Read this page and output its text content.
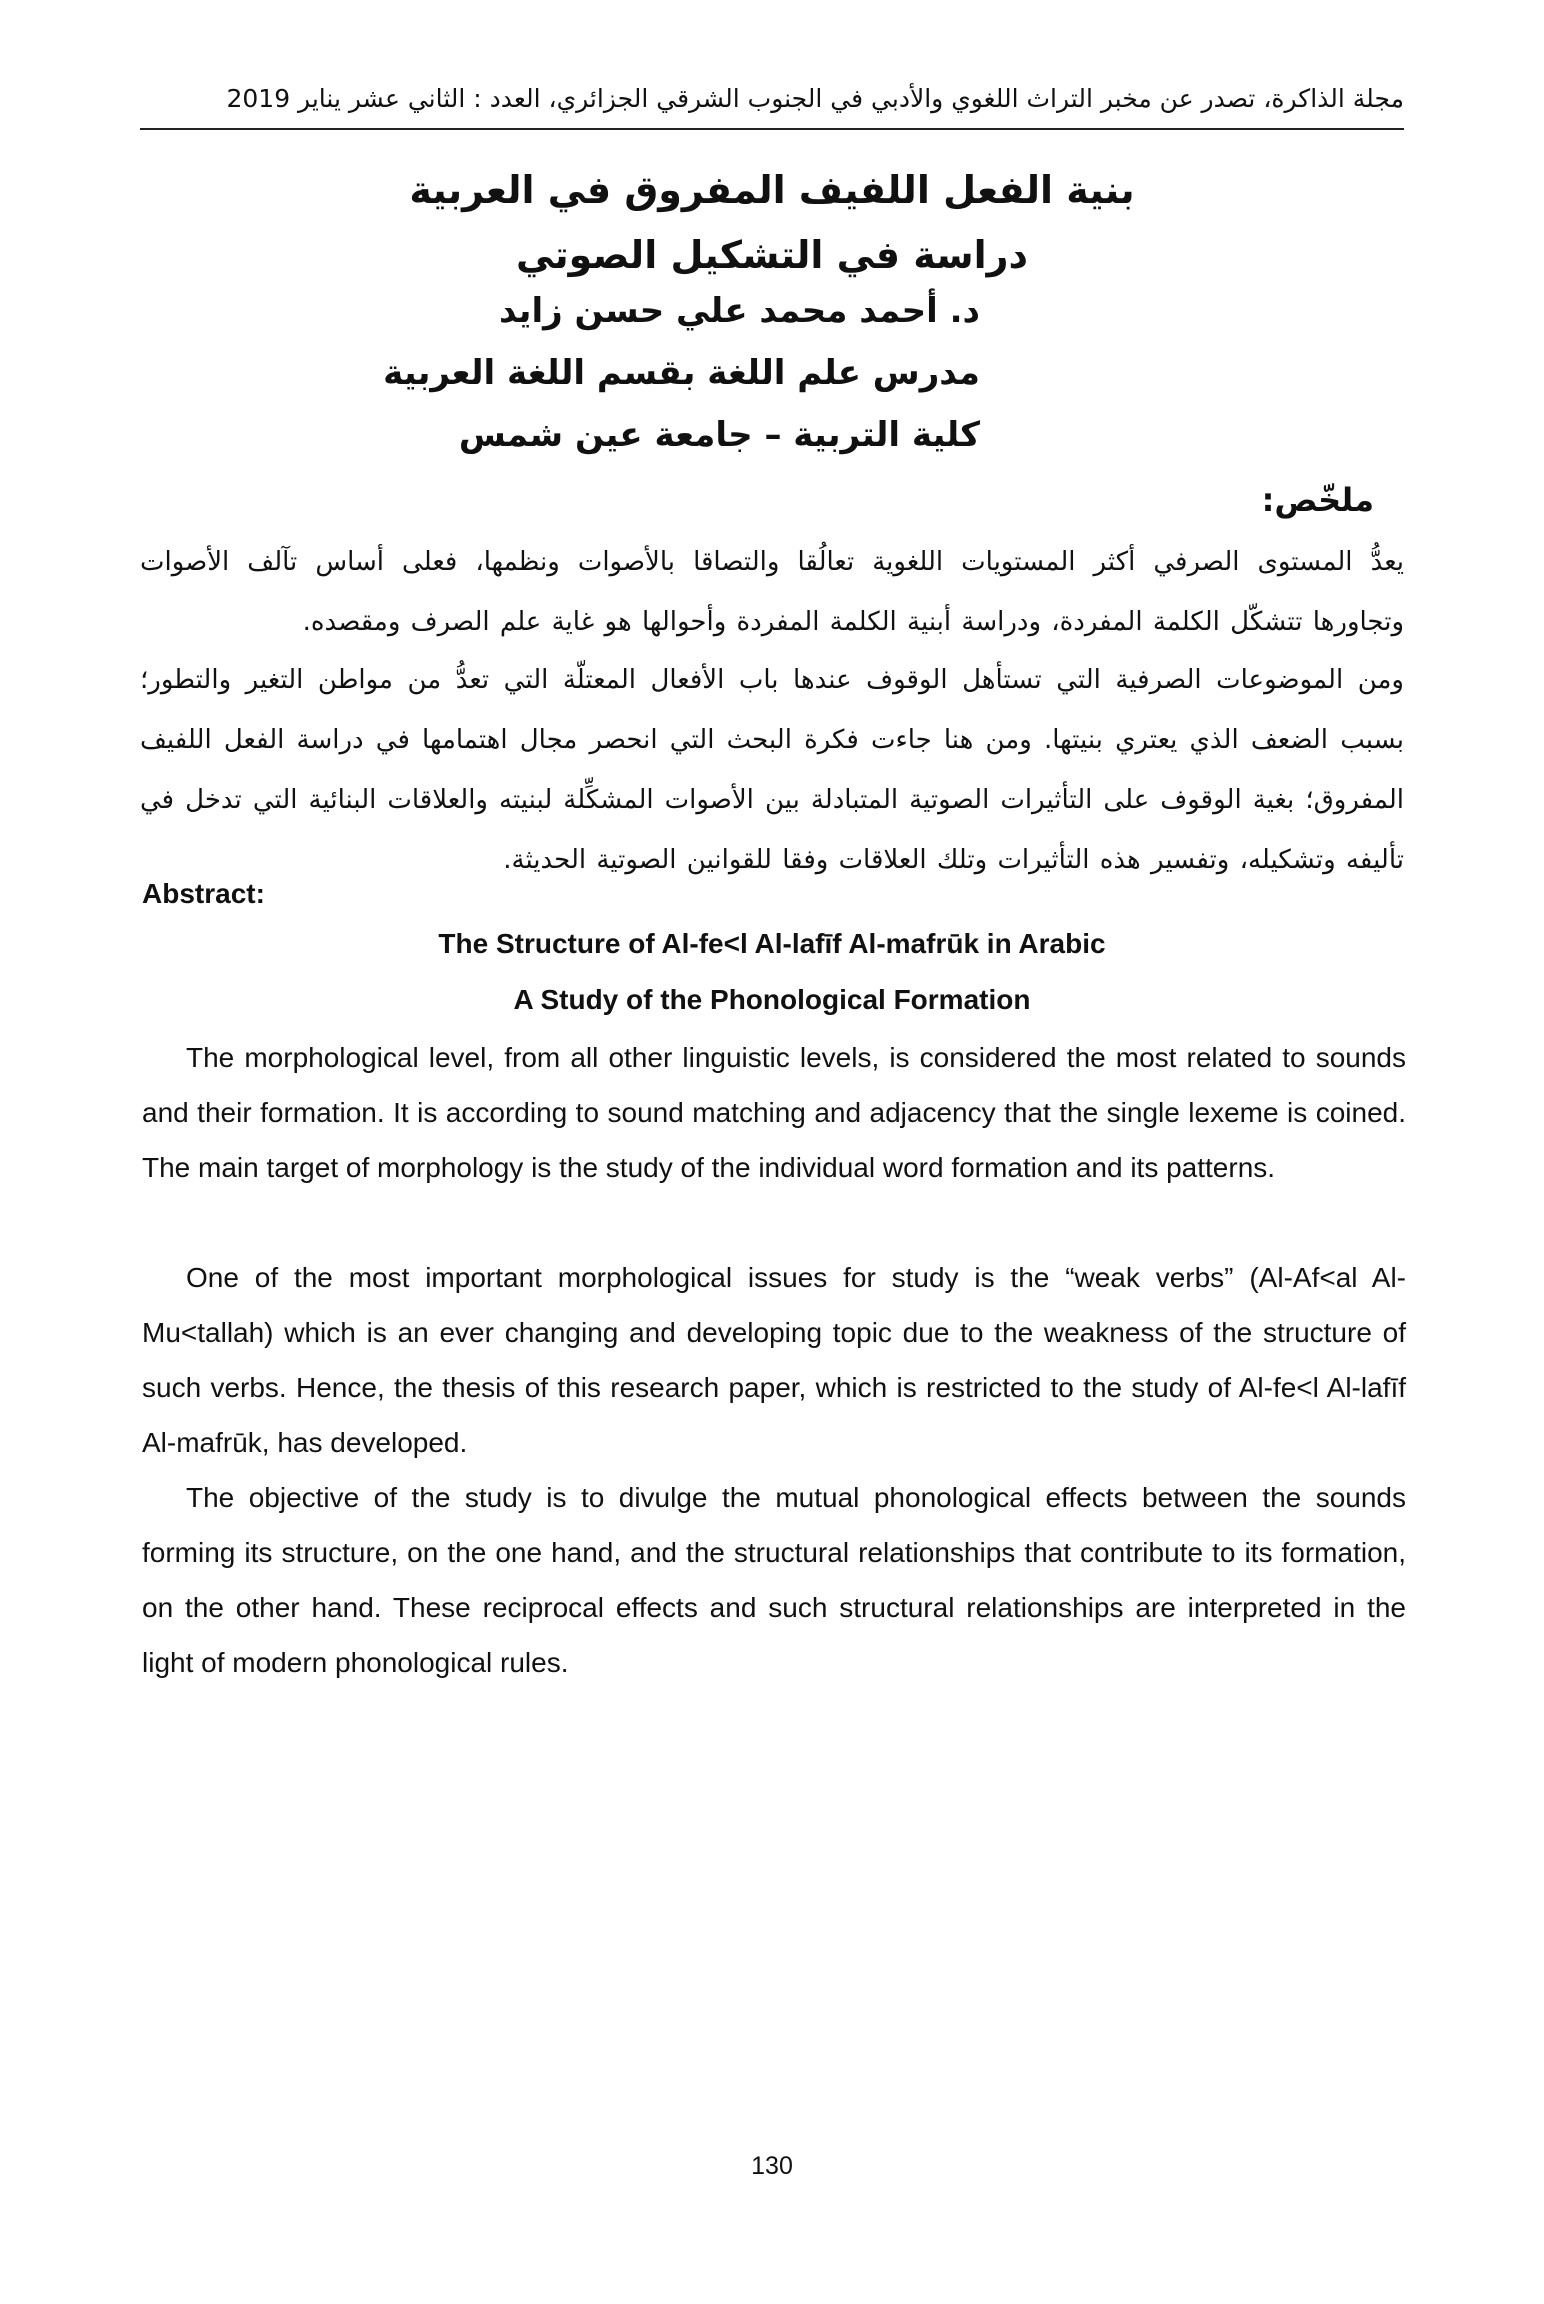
مجلة الذاكرة، تصدر عن مخبر التراث اللغوي والأدبي في الجنوب الشرقي الجزائري، العدد : الثاني عشر يناير 2019
بنية الفعل اللفيف المفروق في العربية
دراسة في التشكيل الصوتي
د. أحمد محمد علي حسن زايد
مدرس علم اللغة بقسم اللغة العربية
كلية التربية – جامعة عين شمس
ملخّص:
يعدُّ المستوى الصرفي أكثر المستويات اللغوية تعالُقا والتصاقا بالأصوات ونظمها، فعلى أساس تآلف الأصوات وتجاورها تتشكّل الكلمة المفردة، ودراسة أبنية الكلمة المفردة وأحوالها هو غاية علم الصرف ومقصده.
ومن الموضوعات الصرفية التي تستأهل الوقوف عندها باب الأفعال المعتلّة التي تعدُّ من مواطن التغير والتطور؛ بسبب الضعف الذي يعتري بنيتها. ومن هنا جاءت فكرة البحث التي انحصر مجال اهتمامها في دراسة الفعل اللفيف المفروق؛ بغية الوقوف على التأثيرات الصوتية المتبادلة بين الأصوات المشكِّلة لبنيته والعلاقات البنائية التي تدخل في تأليفه وتشكيله، وتفسير هذه التأثيرات وتلك العلاقات وفقا للقوانين الصوتية الحديثة.
Abstract:
The Structure of Al-fe<l Al-lafīf Al-mafrūk in Arabic
A Study of the Phonological Formation
The morphological level, from all other linguistic levels, is considered the most related to sounds and their formation. It is according to sound matching and adjacency that the single lexeme is coined. The main target of morphology is the study of the individual word formation and its patterns.
One of the most important morphological issues for study is the “weak verbs” (Al-Af<al Al-Mu<tallah) which is an ever changing and developing topic due to the weakness of the structure of such verbs. Hence, the thesis of this research paper, which is restricted to the study of Al-fe<l Al-lafīf Al-mafrūk, has developed.
The objective of the study is to divulge the mutual phonological effects between the sounds forming its structure, on the one hand, and the structural relationships that contribute to its formation, on the other hand. These reciprocal effects and such structural relationships are interpreted in the light of modern phonological rules.
130
